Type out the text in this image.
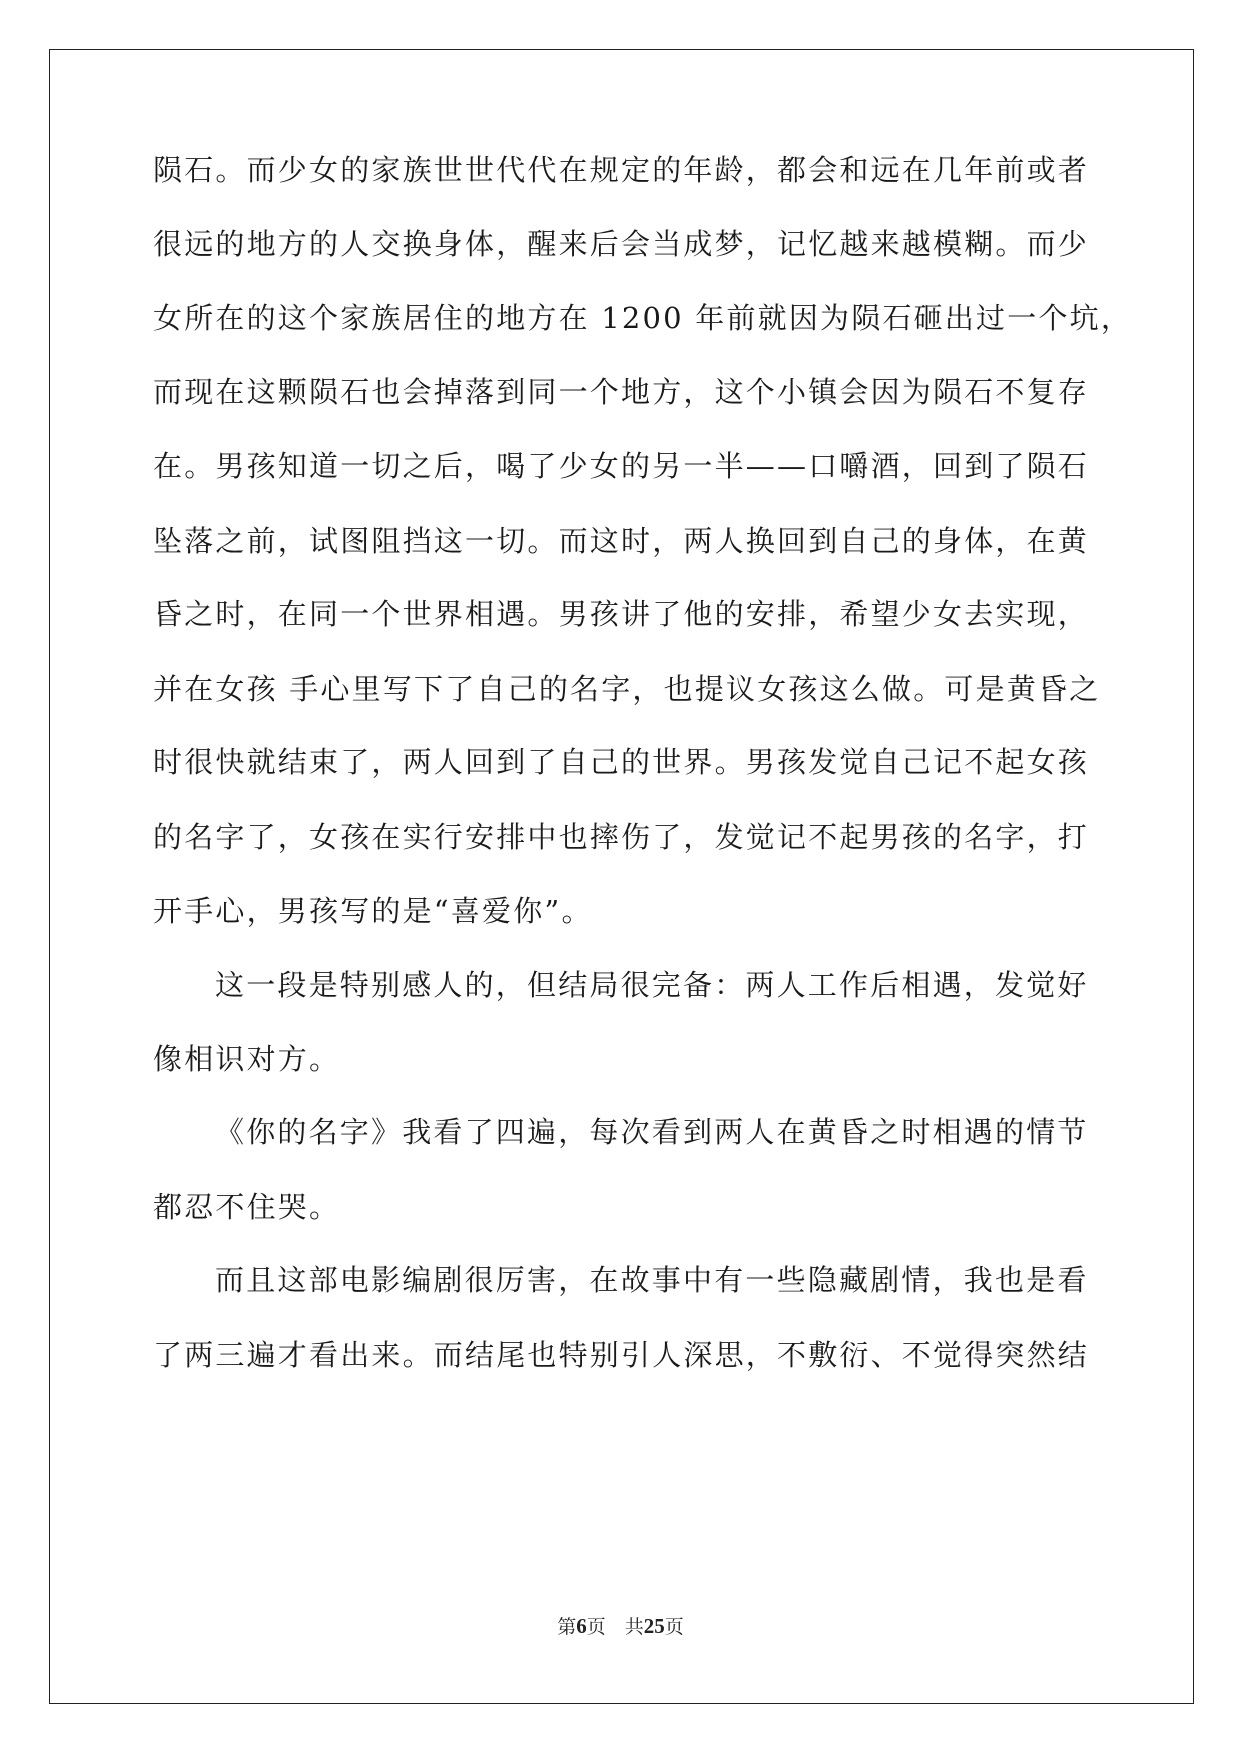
陨石。而少女的家族世世代代在规定的年龄，都会和远在几年前或者
很远的地方的人交换身体，醒来后会当成梦，记忆越来越模糊。而少
女所在的这个家族居住的地方在 1200 年前就因为陨石砸出过一个坑，
而现在这颗陨石也会掉落到同一个地方，这个小镇会因为陨石不复存
在。男孩知道一切之后，喝了少女的另一半——口嚼酒，回到了陨石
坠落之前，试图阻挡这一切。而这时，两人换回到自己的身体，在黄
昏之时，在同一个世界相遇。男孩讲了他的安排，希望少女去实现，
并在女孩 手心里写下了自己的名字，也提议女孩这么做。可是黄昏之
时很快就结束了，两人回到了自己的世界。男孩发觉自己记不起女孩
的名字了，女孩在实行安排中也摔伤了，发觉记不起男孩的名字，打
开手心，男孩写的是“喜爱你”。
这一段是特别感人的，但结局很完备：两人工作后相遇，发觉好
像相识对方。
《你的名字》我看了四遍，每次看到两人在黄昏之时相遇的情节
都忍不住哭。
而且这部电影编剧很厉害，在故事中有一些隐藏剧情，我也是看
了两三遍才看出来。而结尾也特别引人深思，不敷衍、不觉得突然结
第6页　共25页
